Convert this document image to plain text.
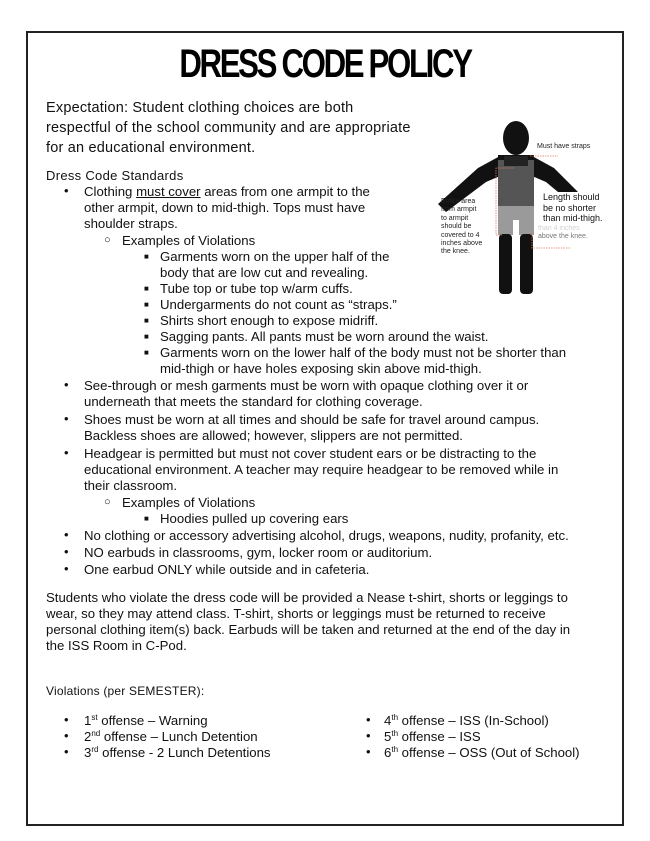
DRESS CODE POLICY
Expectation: Student clothing choices are both respectful of the school community and are appropriate for an educational environment.
Dress Code Standards
• Clothing must cover areas from one armpit to the
other armpit, down to mid-thigh. Tops must have
shoulder straps.
○ Examples of Violations
■ Garments worn on the upper half of the
body that are low cut and revealing.
■ Tube top or tube top w/arm cuffs.
■ Undergarments do not count as “straps.”
■ Shirts short enough to expose midriff.
■ Sagging pants. All pants must be worn around the waist.
■ Garments worn on the lower half of the body must not be shorter than
mid-thigh or have holes exposing skin above mid-thigh.
• See-through or mesh garments must be worn with opaque clothing over it or
underneath that meets the standard for clothing coverage.
• Shoes must be worn at all times and should be safe for travel around campus.
Backless shoes are allowed; however, slippers are not permitted.
• Headgear is permitted but must not cover student ears or be distracting to the
educational environment. A teacher may require headgear to be removed while in
their classroom.
○ Examples of Violations
■ Hoodies pulled up covering ears
• No clothing or accessory advertising alcohol, drugs, weapons, nudity, profanity, etc.
• NO earbuds in classrooms, gym, locker room or auditorium.
• One earbud ONLY while outside and in cafeteria.
Students who violate the dress code will be provided a Nease t-shirt, shorts or leggings to
wear, so they may attend class. T-shirt, shorts or leggings must be returned to receive
personal clothing item(s) back. Earbuds will be taken and returned at the end of the day in
the ISS Room in C-Pod.
Must have straps
Entire area
from armpit
to armpit
should be
covered to 4
inches above
the knee.
than 4 inches
above the knee.
Length should
be no shorter
than mid-thigh.
Violations (per SEMESTER):
• 1st offense – Warning
• 2nd offense – Lunch Detention
• 3rd offense - 2 Lunch Detentions
• 4th offense – ISS (In-School)
• 5th offense – ISS
• 6th offense – OSS (Out of School)
